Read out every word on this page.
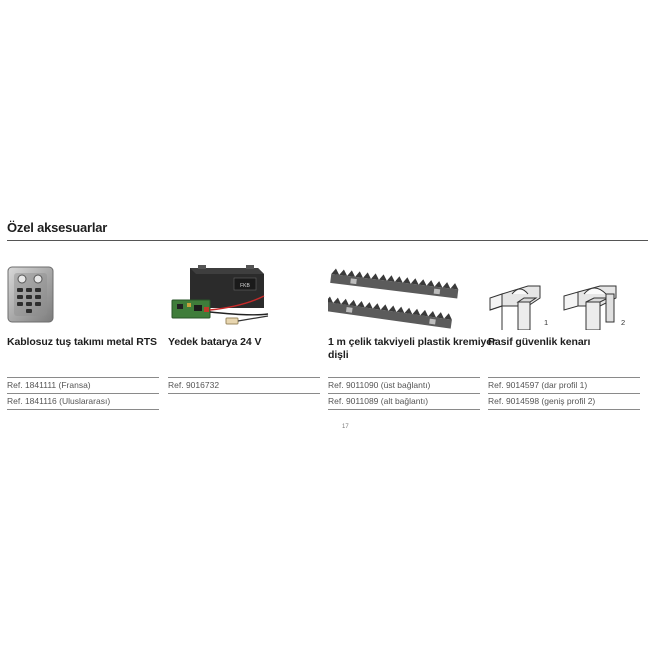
Özel aksesuarlar
Kablosuz tuş takımı metal RTS
FKB
Yedek batarya 24 V	1 m çelik takviyeli plastik kremiyer dişli
1	2
Pasif güvenlik kenarı
Ref. 1841111 (Fransa)
Ref. 1841116 (Uluslararası)
Ref. 9016732	Ref. 9011090 (üst bağlantı)
Ref. 9011089 (alt bağlantı)
Ref. 9014597 (dar profil 1)
Ref. 9014598 (geniş profil 2)
17
